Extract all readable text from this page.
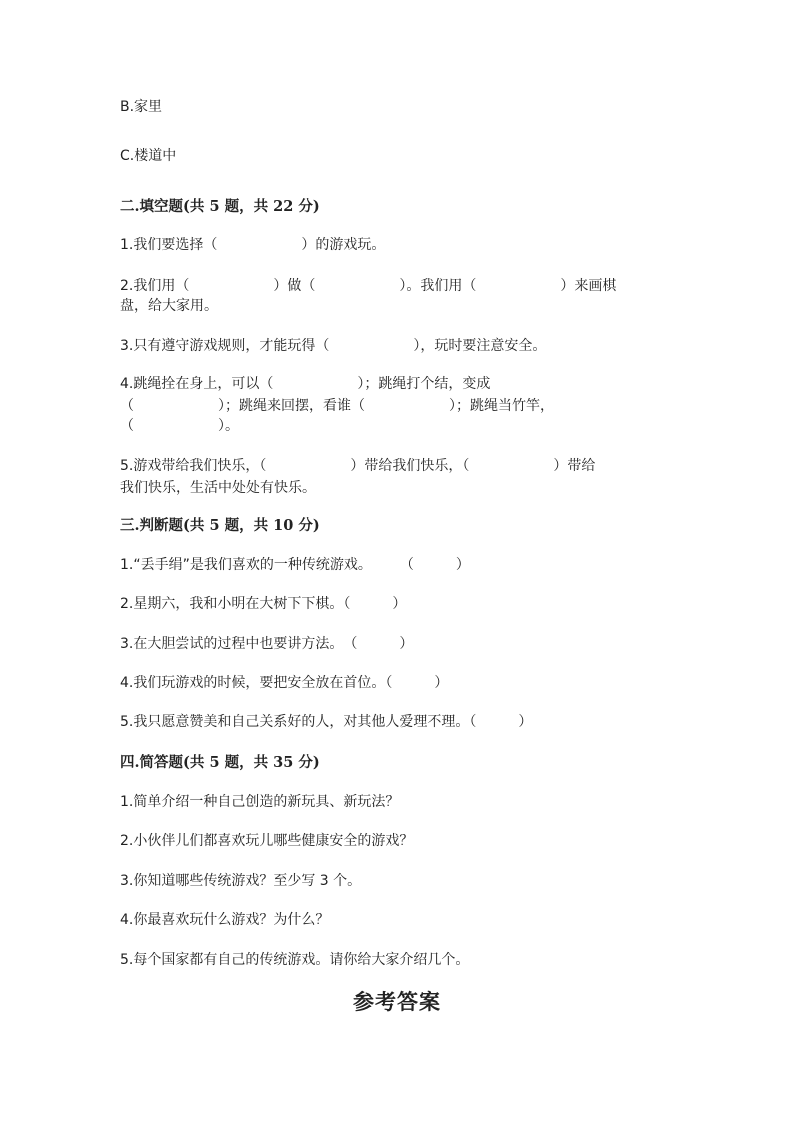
B.家里
C.楼道中
二.填空题(共 5 题，共 22 分)
1.我们要选择（　　　　　　）的游戏玩。
2.我们用（　　　　　　）做（　　　　　　）。我们用（　　　　　　）来画棋
盘，给大家用。
3.只有遵守游戏规则，才能玩得（　　　　　　），玩时要注意安全。
4.跳绳拴在身上，可以（　　　　　　）；跳绳打个结，变成
（　　　　　　）；跳绳来回摆，看谁（　　　　　　）；跳绳当竹竿，
（　　　　　　）。
5.游戏带给我们快乐，（　　　　　　）带给我们快乐，（　　　　　　）带给
我们快乐，生活中处处有快乐。
三.判断题(共 5 题，共 10 分)
1.“丢手绢”是我们喜欢的一种传统游戏。　　　（　　　）
2.星期六，我和小明在大树下下棋。（　　　）
3.在大胆尝试的过程中也要讲方法。　（　　　）
4.我们玩游戏的时候，要把安全放在首位。（　　　）
5.我只愿意赞美和自己关系好的人，对其他人爱理不理。（　　　）
四.简答题(共 5 题，共 35 分)
1.简单介绍一种自己创造的新玩具、新玩法？
2.小伙伴儿们都喜欢玩儿哪些健康安全的游戏？
3.你知道哪些传统游戏？至少写 3 个。
4.你最喜欢玩什么游戏？为什么？
5.每个国家都有自己的传统游戏。请你给大家介绍几个。
参考答案
